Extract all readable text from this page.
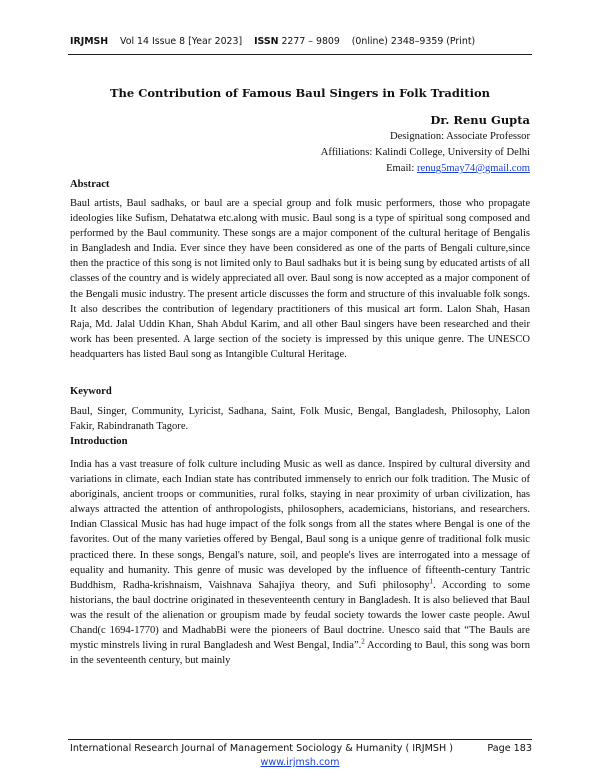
IRJMSH Vol 14 Issue 8 [Year 2023] ISSN 2277 – 9809 (0nline) 2348–9359 (Print)
The Contribution of Famous Baul Singers in Folk Tradition
Dr. Renu Gupta
Designation: Associate Professor
Affiliations: Kalindi College, University of Delhi
Email: renug5may74@gmail.com
Abstract
Baul artists, Baul sadhaks, or baul are a special group and folk music performers, those who propagate ideologies like Sufism, Dehatatwa etc.along with music. Baul song is a type of spiritual song composed and performed by the Baul community. These songs are a major component of the cultural heritage of Bengalis in Bangladesh and India. Ever since they have been considered as one of the parts of Bengali culture,since then the practice of this song is not limited only to Baul sadhaks but it is being sung by educated artists of all classes of the country and is widely appreciated all over. Baul song is now accepted as a major component of the Bengali music industry. The present article discusses the form and structure of this invaluable folk songs. It also describes the contribution of legendary practitioners of this musical art form. Lalon Shah, Hasan Raja, Md. Jalal Uddin Khan, Shah Abdul Karim, and all other Baul singers have been researched and their work has been presented. A large section of the society is impressed by this unique genre. The UNESCO headquarters has listed Baul song as Intangible Cultural Heritage.
Keyword
Baul, Singer, Community, Lyricist, Sadhana, Saint, Folk Music, Bengal, Bangladesh, Philosophy, Lalon Fakir, Rabindranath Tagore.
Introduction
India has a vast treasure of folk culture including Music as well as dance. Inspired by cultural diversity and variations in climate, each Indian state has contributed immensely to enrich our folk tradition. The Music of aboriginals, ancient troops or communities, rural folks, staying in near proximity of urban civilization, has always attracted the attention of anthropologists, philosophers, academicians, historians, and researchers. Indian Classical Music has had huge impact of the folk songs from all the states where Bengal is one of the favorites. Out of the many varieties offered by Bengal, Baul song is a unique genre of traditional folk music practiced there. In these songs, Bengal's nature, soil, and people's lives are interrogated into a message of equality and humanity. This genre of music was developed by the influence of fifteenth-century Tantric Buddhism, Radha-krishnaism, Vaishnava Sahajiya theory, and Sufi philosophy$^1$. According to some historians, the baul doctrine originated in theseventeenth century in Bangladesh. It is also believed that Baul was the result of the alienation or groupism made by feudal society towards the lower caste people. Awul Chand(c 1694-1770) and MadhabBi were the pioneers of Baul doctrine. Unesco said that “The Bauls are mystic minstrels living in rural Bangladesh and West Bengal, India”.$^2$ According to Baul, this song was born in the seventeenth century, but mainly
International Research Journal of Management Sociology & Humanity ( IRJMSH )	Page 183
www.irjmsh.com
